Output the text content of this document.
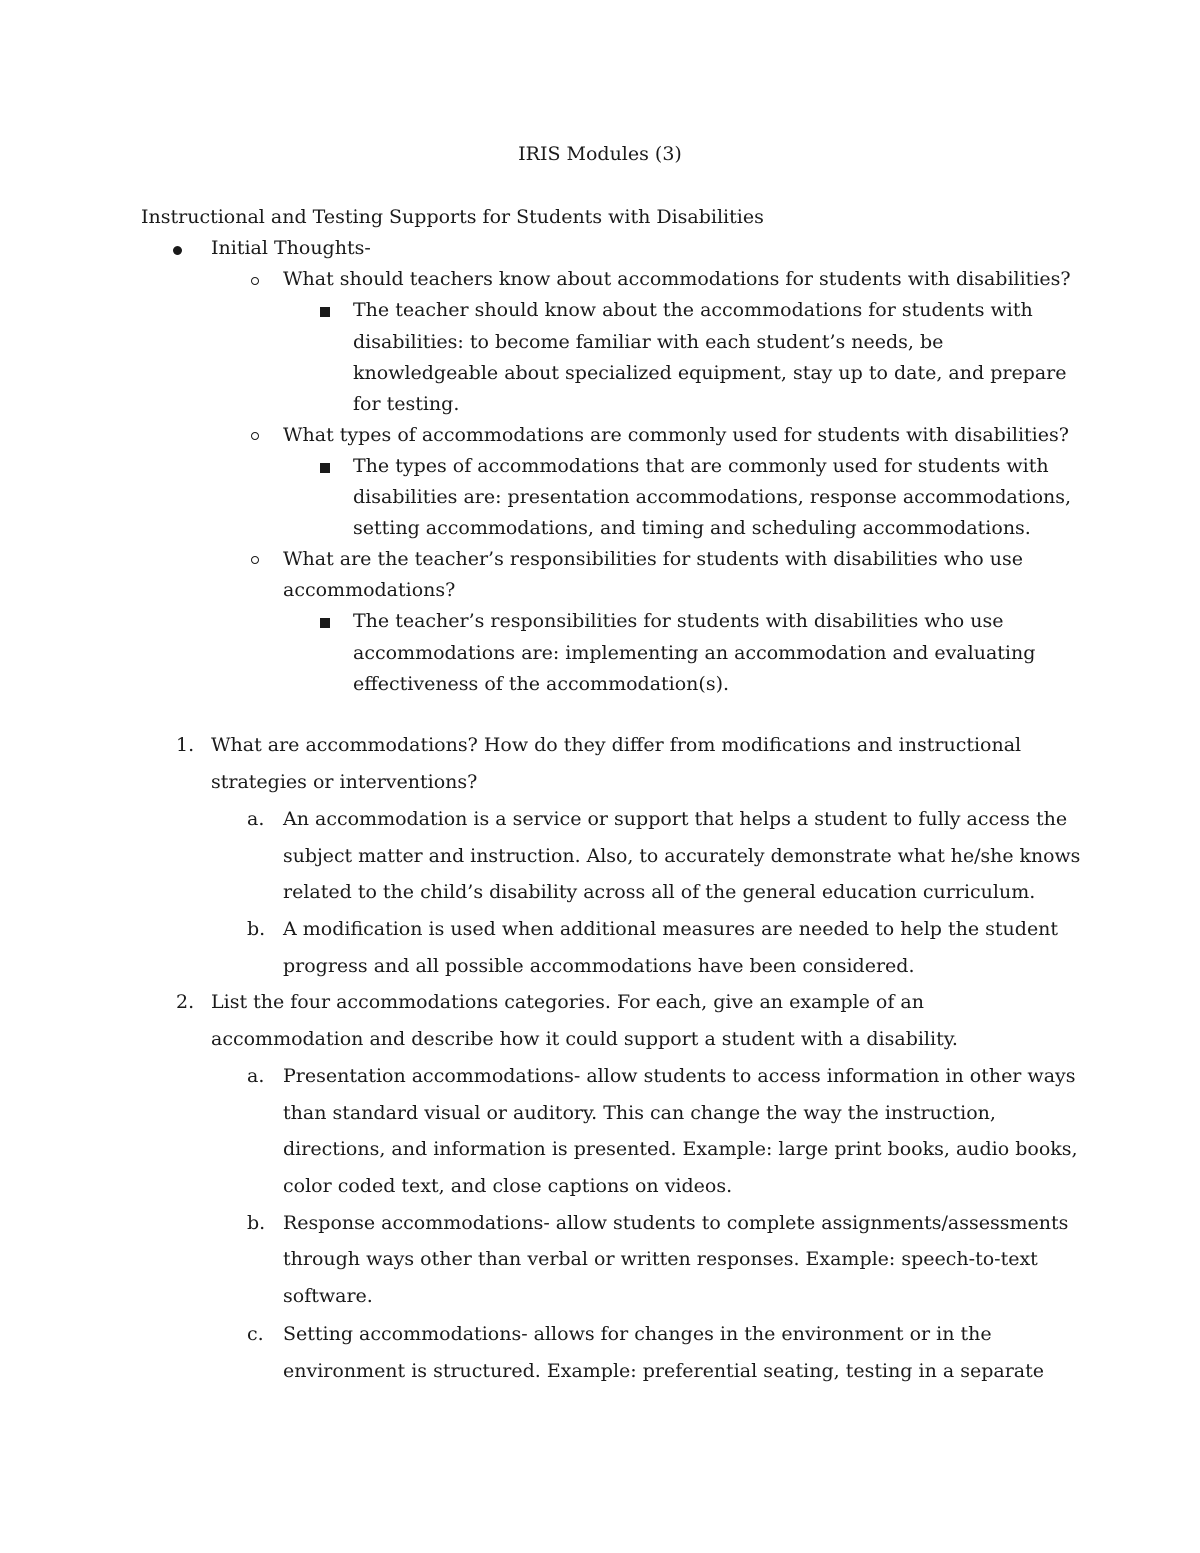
IRIS Modules (3)
Instructional and Testing Supports for Students with Disabilities
Initial Thoughts-
What should teachers know about accommodations for students with disabilities?
The teacher should know about the accommodations for students with
disabilities: to become familiar with each student’s needs, be
knowledgeable about specialized equipment, stay up to date, and prepare
for testing.
What types of accommodations are commonly used for students with disabilities?
The types of accommodations that are commonly used for students with
disabilities are: presentation accommodations, response accommodations,
setting accommodations, and timing and scheduling accommodations.
What are the teacher’s responsibilities for students with disabilities who use
accommodations?
The teacher’s responsibilities for students with disabilities who use
accommodations are: implementing an accommodation and evaluating
effectiveness of the accommodation(s).
1. What are accommodations? How do they differ from modifications and instructional
strategies or interventions?
a. An accommodation is a service or support that helps a student to fully access the
subject matter and instruction. Also, to accurately demonstrate what he/she knows
related to the child’s disability across all of the general education curriculum.
b. A modification is used when additional measures are needed to help the student
progress and all possible accommodations have been considered.
2. List the four accommodations categories. For each, give an example of an
accommodation and describe how it could support a student with a disability.
a. Presentation accommodations- allow students to access information in other ways
than standard visual or auditory. This can change the way the instruction,
directions, and information is presented. Example: large print books, audio books,
color coded text, and close captions on videos.
b. Response accommodations- allow students to complete assignments/assessments
through ways other than verbal or written responses. Example: speech-to-text
software.
c. Setting accommodations- allows for changes in the environment or in the
environment is structured. Example: preferential seating, testing in a separate
